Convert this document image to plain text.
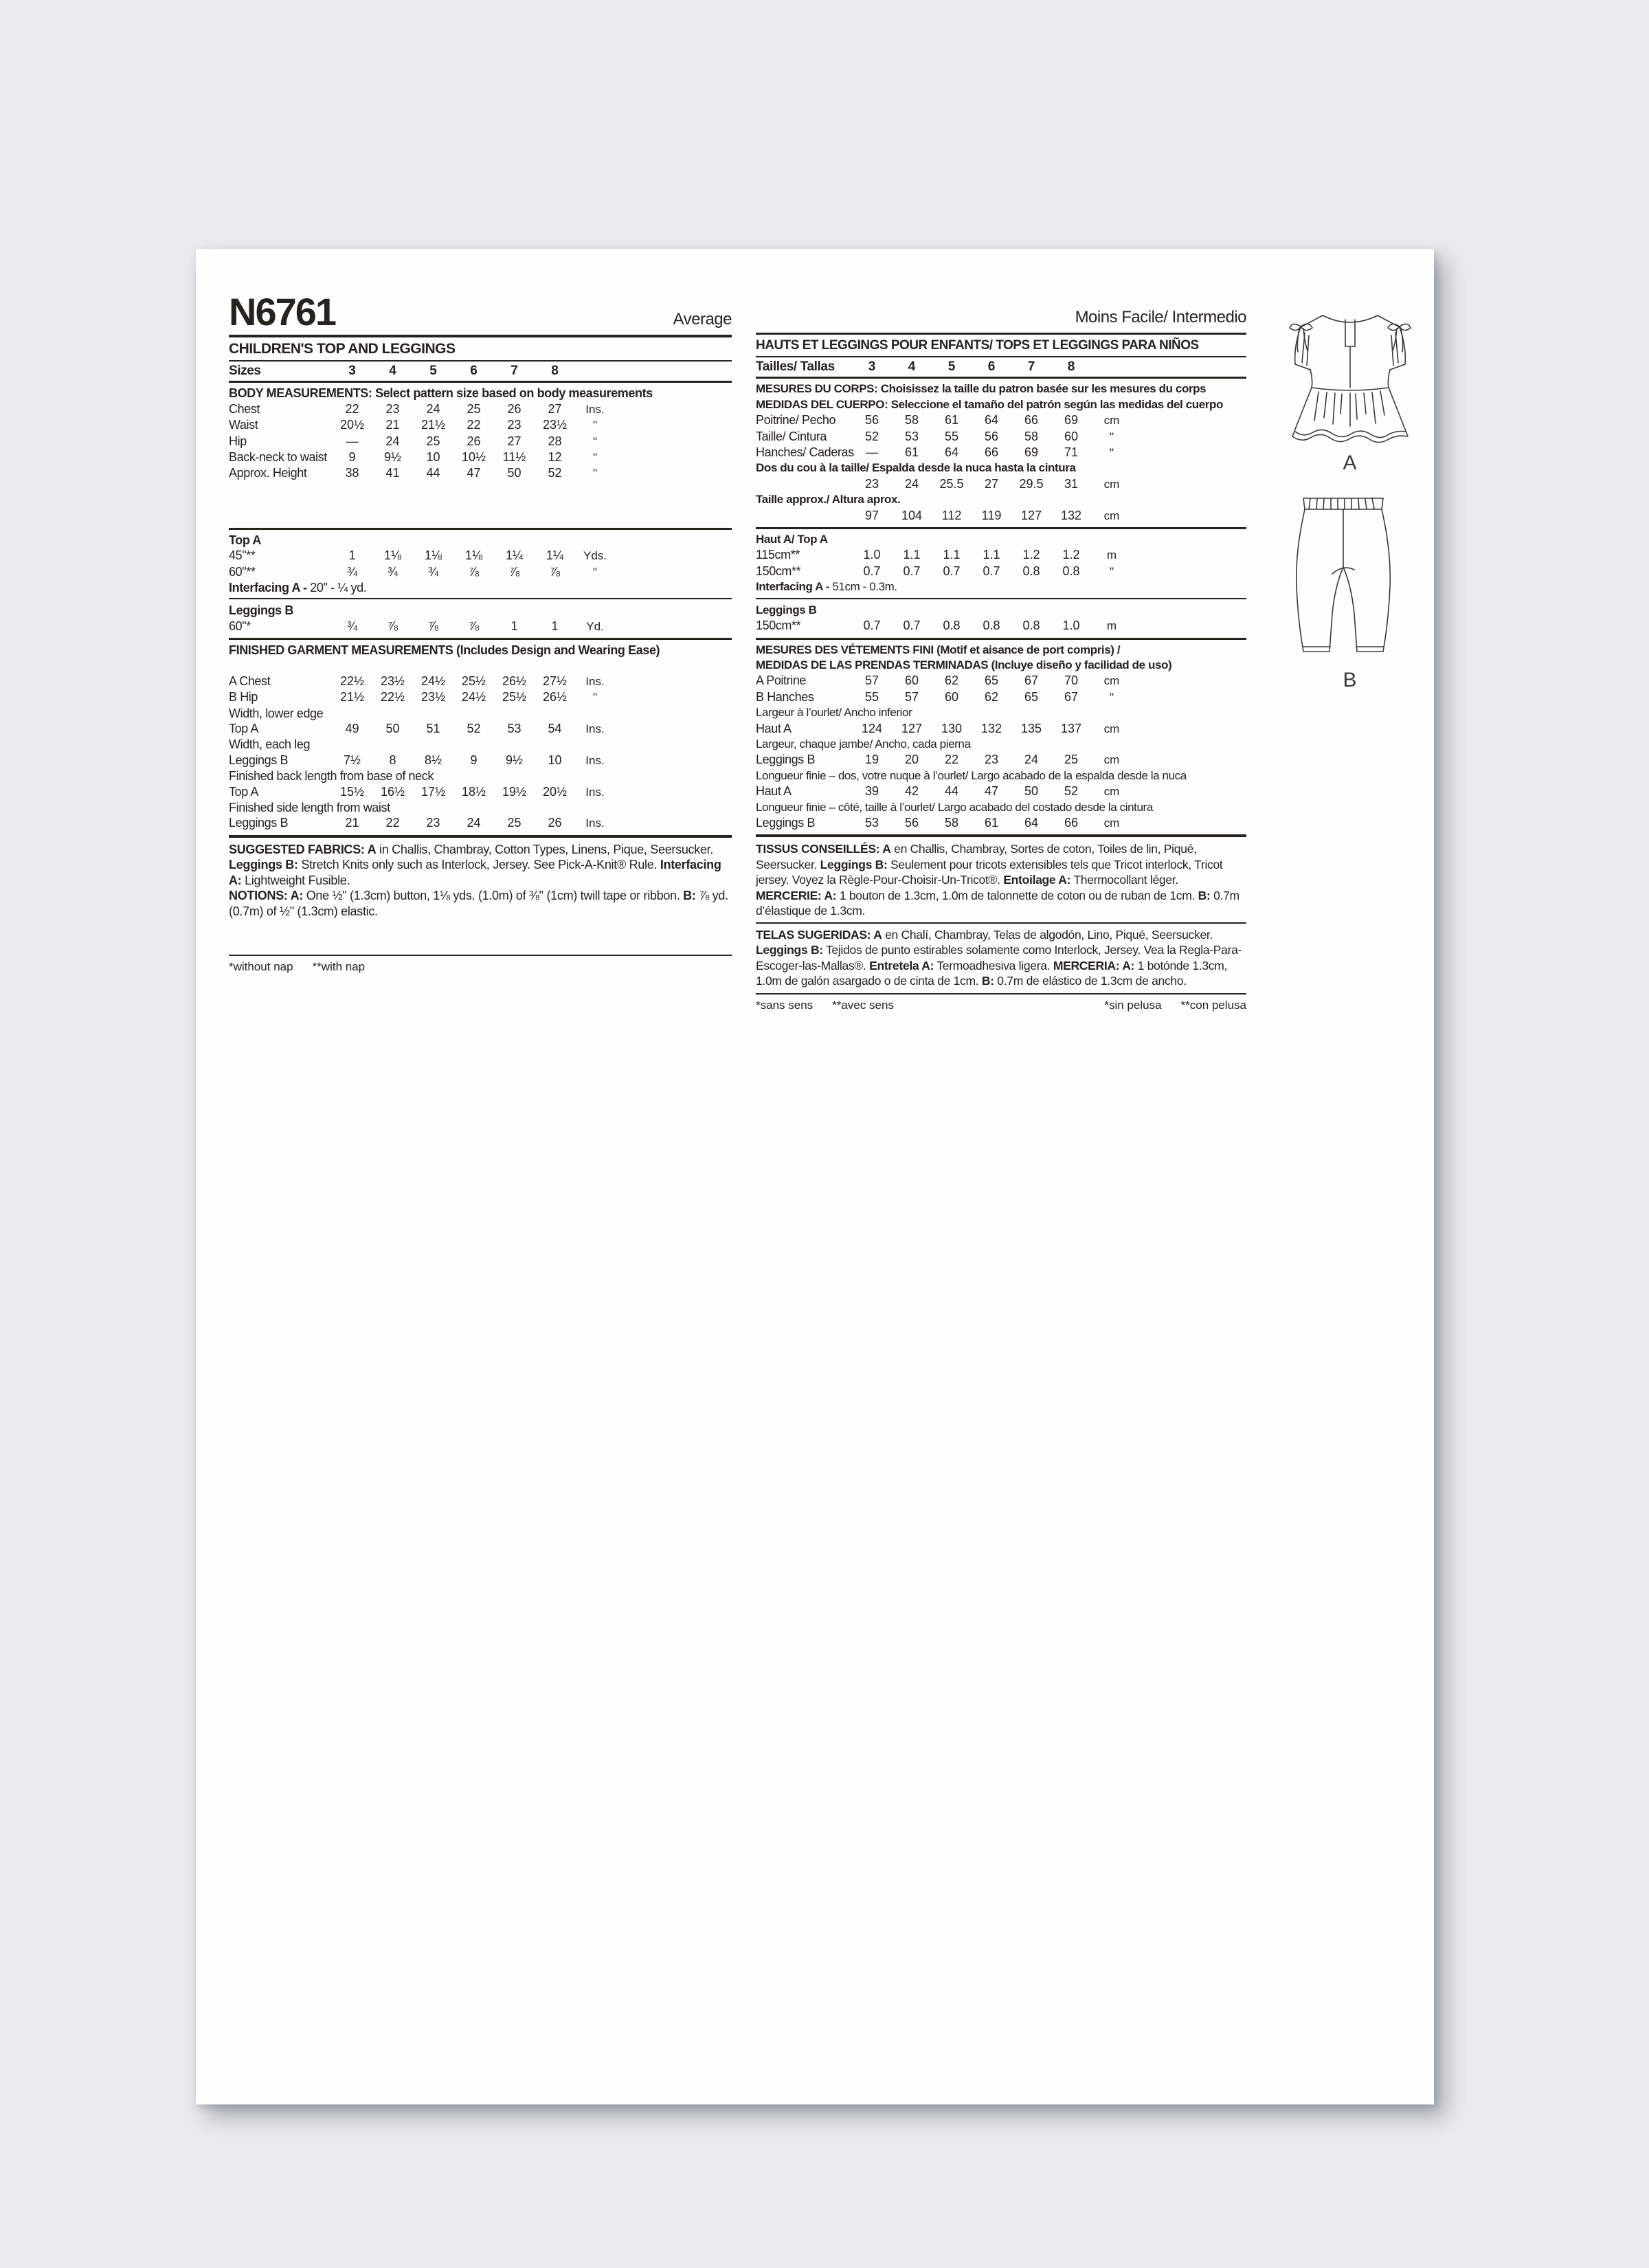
N6761	Average
CHILDREN'S TOP AND LEGGINGS
Sizes	3	4	5	6	7	8
BODY MEASUREMENTS: Select pattern size based on body measurements
Chest	22	23	24	25	26	27	Ins.
Waist	20½	21	21½	22	23	23½	"
Hip	—	24	25	26	27	28	"
Back-neck to waist	9	9½	10	10½	11½	12	"
Approx. Height	38	41	44	47	50	52	"
Top A
45"**	1	1⅛	1⅛	1⅛	1¼	1¼	Yds.
60"**	¾	¾	¾	⅞	⅞	⅞	"
Interfacing A - 20" - ¼ yd.
Leggings B
60"*	¾	⅞	⅞	⅞	1	1	Yd.
FINISHED GARMENT MEASUREMENTS (Includes Design and Wearing Ease)
A Chest	22½	23½	24½	25½	26½	27½	Ins.
B Hip	21½	22½	23½	24½	25½	26½	"
Width, lower edge
Top A	49	50	51	52	53	54	Ins.
Width, each leg
Leggings B	7½	8	8½	9	9½	10	Ins.
Finished back length from base of neck
Top A	15½	16½	17½	18½	19½	20½	Ins.
Finished side length from waist
Leggings B	21	22	23	24	25	26	Ins.
SUGGESTED FABRICS: A in Challis, Chambray, Cotton Types, Linens, Pique, Seersucker. Leggings B: Stretch Knits only such as Interlock, Jersey. See Pick-A-Knit® Rule. Interfacing A: Lightweight Fusible.
NOTIONS: A: One ½" (1.3cm) button, 1⅛ yds. (1.0m) of ⅜" (1cm) twill tape or ribbon. B: ⅞ yd. (0.7m) of ½" (1.3cm) elastic.
*without nap **with nap
Moins Facile/ Intermedio
HAUTS ET LEGGINGS POUR ENFANTS/ TOPS ET LEGGINGS PARA NIÑOS
Tailles/ Tallas	3	4	5	6	7	8
MESURES DU CORPS: Choisissez la taille du patron basée sur les mesures du corps
MEDIDAS DEL CUERPO: Seleccione el tamaño del patrón según las medidas del cuerpo
Poitrine/ Pecho	56	58	61	64	66	69	cm
Taille/ Cintura	52	53	55	56	58	60	"
Hanches/ Caderas —	61	64	66	69	71	"
Dos du cou à la taille/ Espalda desde la nuca hasta la cintura
23	24	25.5	27	29.5	31	cm
Taille approx./ Altura aprox.
97	104	112	119	127	132	cm
Haut A/ Top A
115cm**	1.0	1.1	1.1	1.1	1.2	1.2	m
150cm**	0.7	0.7	0.7	0.7	0.8	0.8	"
Interfacing A - 51cm - 0.3m.
Leggings B
150cm**	0.7	0.7	0.8	0.8	0.8	1.0	m
MESURES DES VÉTEMENTS FINI (Motif et aisance de port compris) /
MEDIDAS DE LAS PRENDAS TERMINADAS (Incluye diseño y facilidad de uso)
A Poitrine	57	60	62	65	67	70	cm
B Hanches	55	57	60	62	65	67	"
Largeur à l’ourlet/ Ancho inferior
Haut A	124	127	130	132	135	137	cm
Largeur, chaque jambe/ Ancho, cada pierna
Leggings B	19	20	22	23	24	25	cm
Longueur finie – dos, votre nuque à l’ourlet/ Largo acabado de la espalda desde la nuca
Haut A	39	42	44	47	50	52	cm
Longueur finie – côté, taille à l’ourlet/ Largo acabado del costado desde la cintura
Leggings B	53	56	58	61	64	66	cm
TISSUS CONSEILLÉS: A en Challis, Chambray, Sortes de coton, Toiles de lin, Piqué, Seersucker. Leggings B: Seulement pour tricots extensibles tels que Tricot interlock, Tricot jersey. Voyez la Règle-Pour-Choisir-Un-Tricot®. Entoilage A: Thermocollant léger. MERCERIE: A: 1 bouton de 1.3cm, 1.0m de talonnette de coton ou de ruban de 1cm. B: 0.7m d’élastique de 1.3cm.
TELAS SUGERIDAS: A en Chalí, Chambray, Telas de algodón, Lino, Piqué, Seersucker. Leggings B: Tejidos de punto estirables solamente como Interlock, Jersey. Vea la Regla-Para-Escoger-las-Mallas®. Entretela A: Termoadhesiva ligera. MERCERIA: A: 1 botónde 1.3cm, 1.0m de galón asargado o de cinta de 1cm. B: 0.7m de elástico de 1.3cm de ancho.
*sans sens **avec sens	*sin pelusa **con pelusa
A
B
